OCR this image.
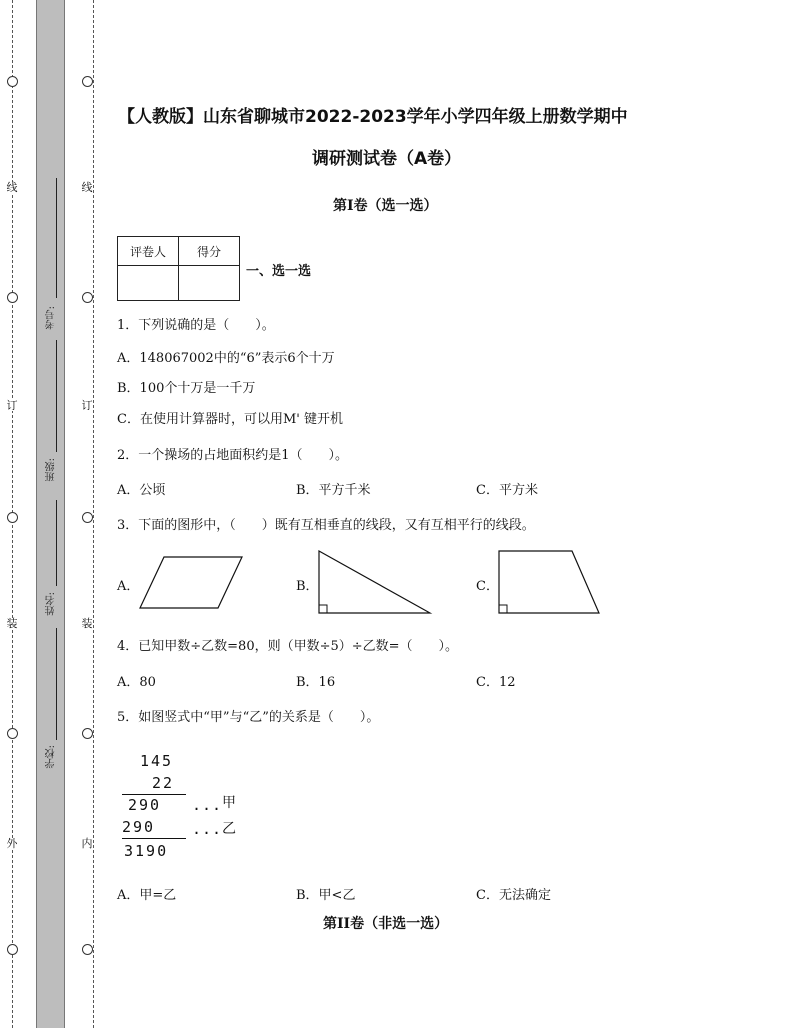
线
订
装
外
线
订
装
内
考号:
班级:
姓名:
学校:
【人教版】山东省聊城市2022-2023学年小学四年级上册数学期中
调研测试卷（A卷）
第I卷（选一选）
评卷人	得分

一、选一选
1．下列说确的是（　　）。
A．148067002中的“6”表示6个十万
B．100个十万是一千万
C．在使用计算器时，可以用M' 键开机
2．一个操场的占地面积约是1（　　）。
A．公顷	B．平方千米	C．平方米
3．下面的图形中，（　　）既有互相垂直的线段，又有互相平行的线段。
A．	B．	C．
4．已知甲数÷乙数=80，则（甲数÷5）÷乙数=（　　）。
A．80	B．16	C．12
5．如图竖式中“甲”与“乙”的关系是（　　）。
145
22
290 ... 甲
290 ... 乙
3190
A．甲=乙	B．甲<乙	C．无法确定
第II卷（非选一选）
